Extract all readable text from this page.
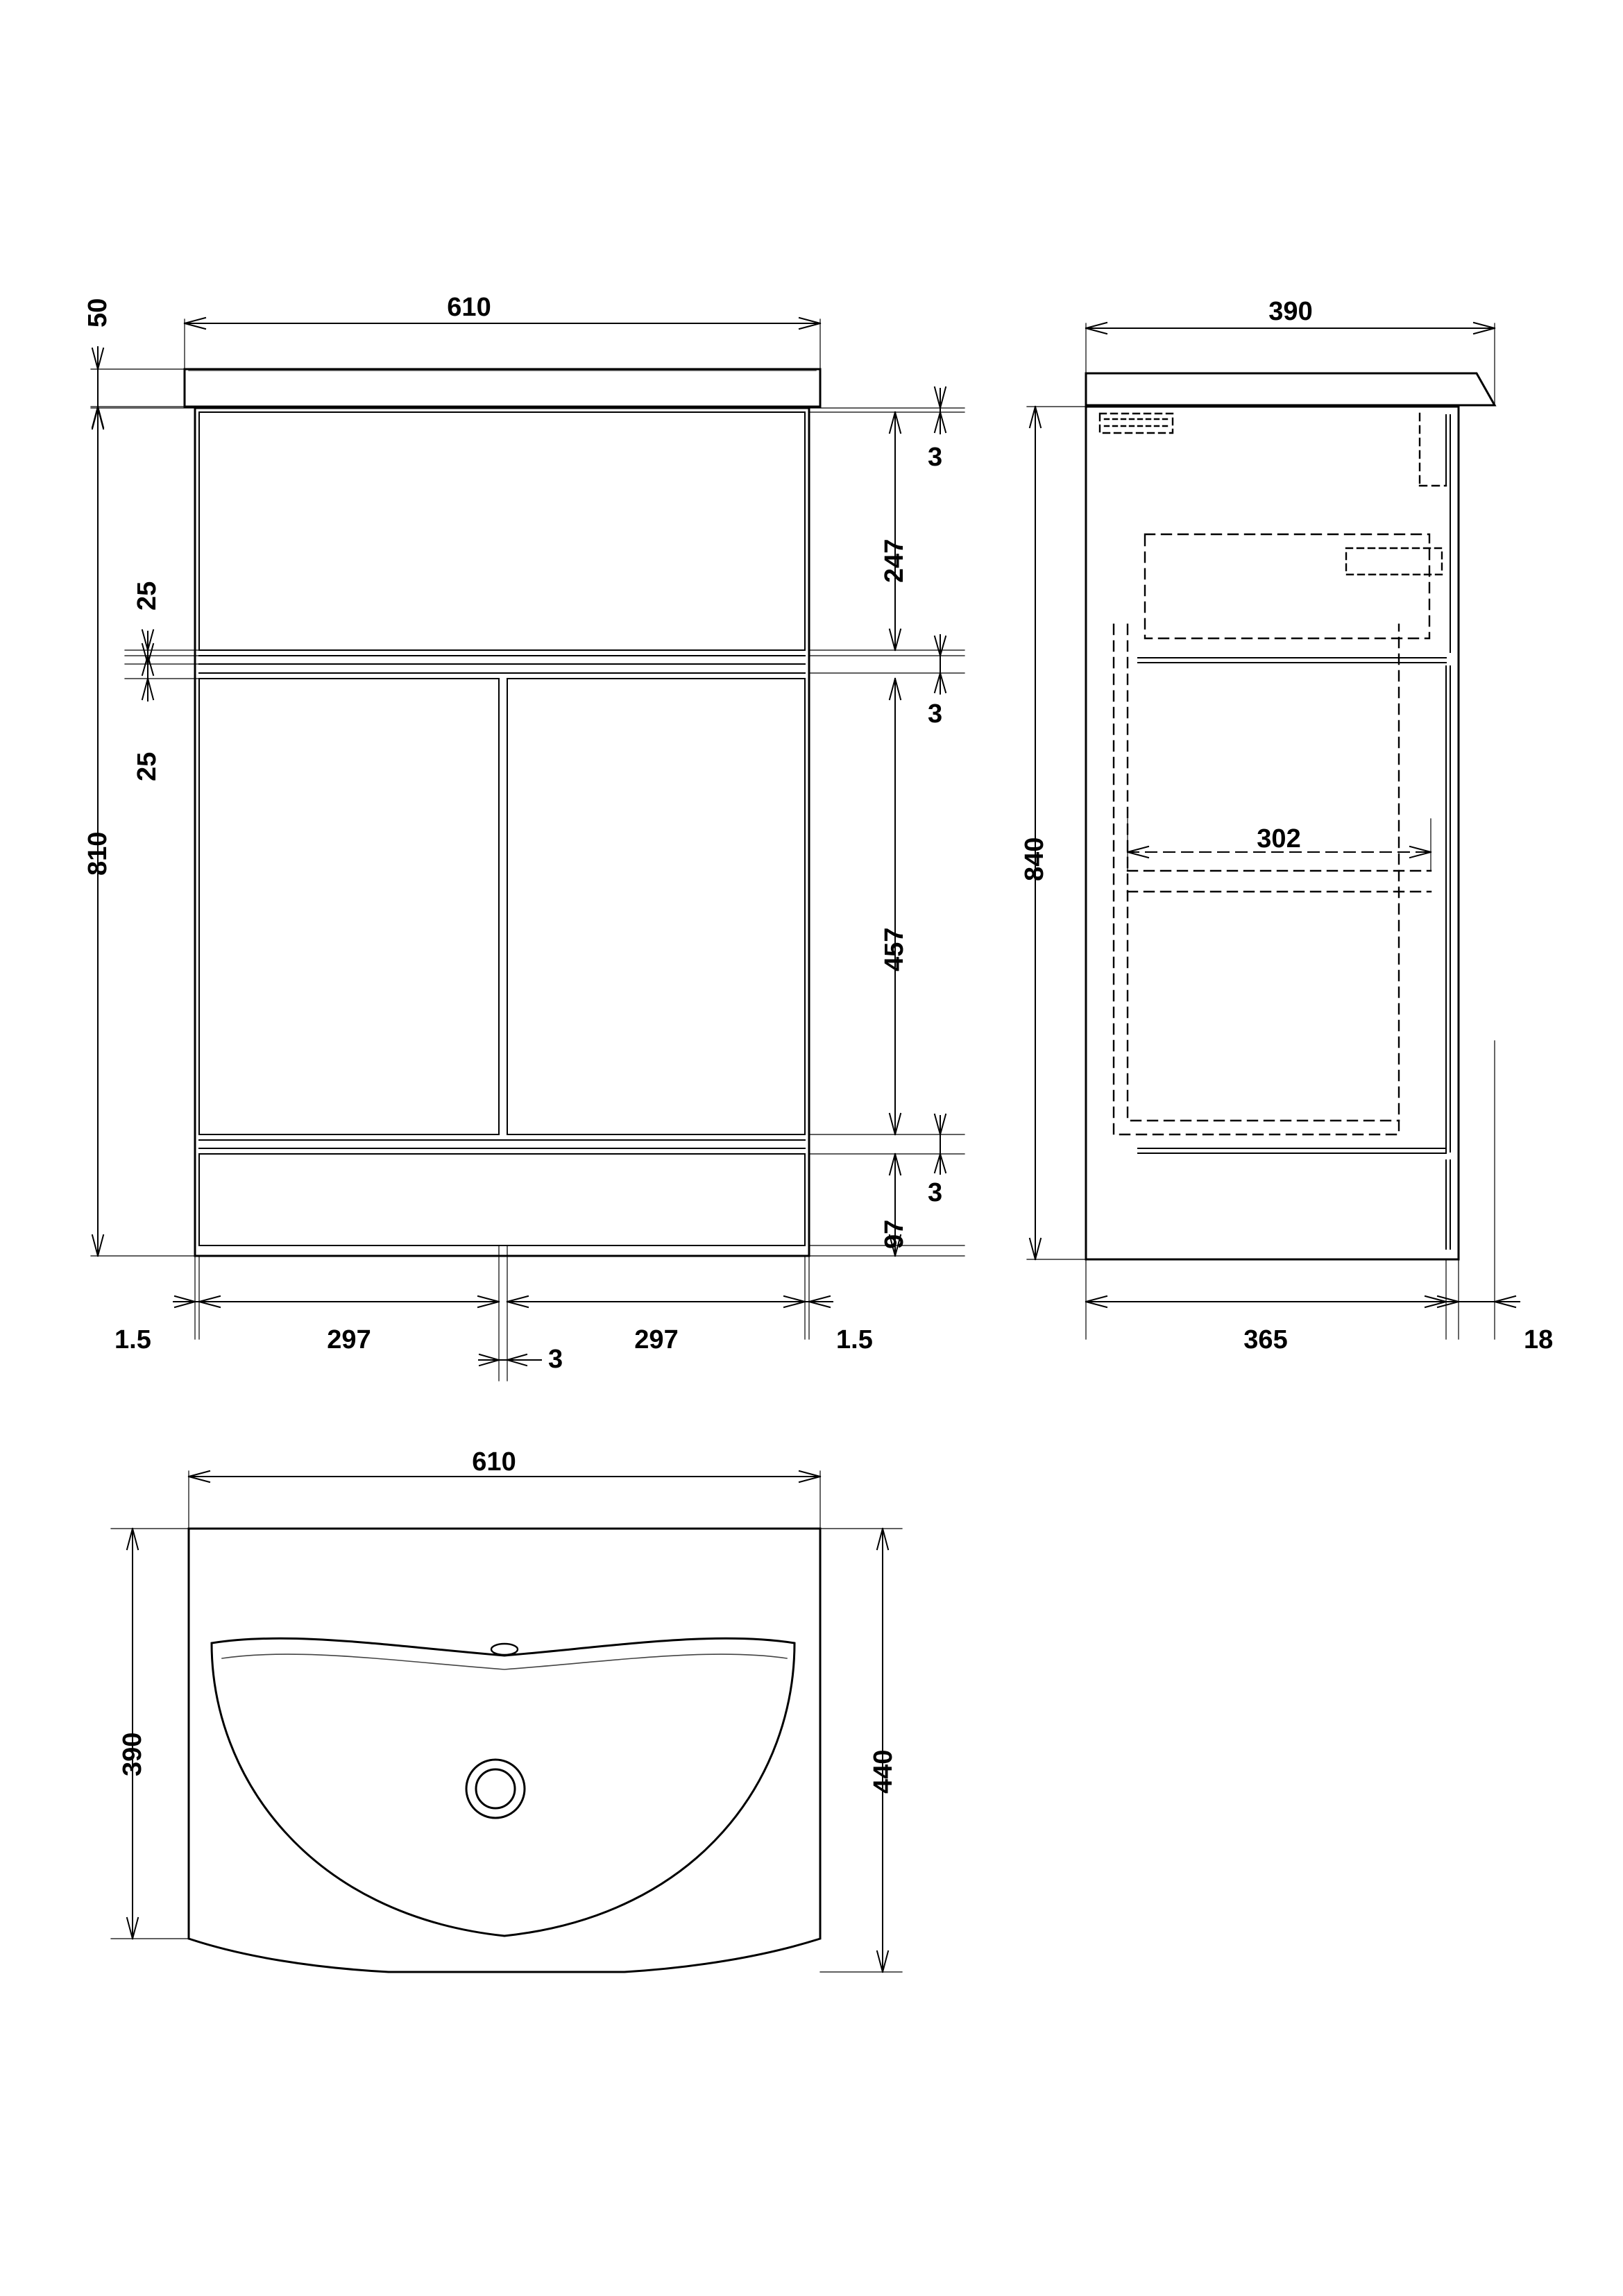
610
50
25
25
810
3
247
3
457
3
97
1.5	297	297	1.5
3
390
840	302
365	18
610
390	440
